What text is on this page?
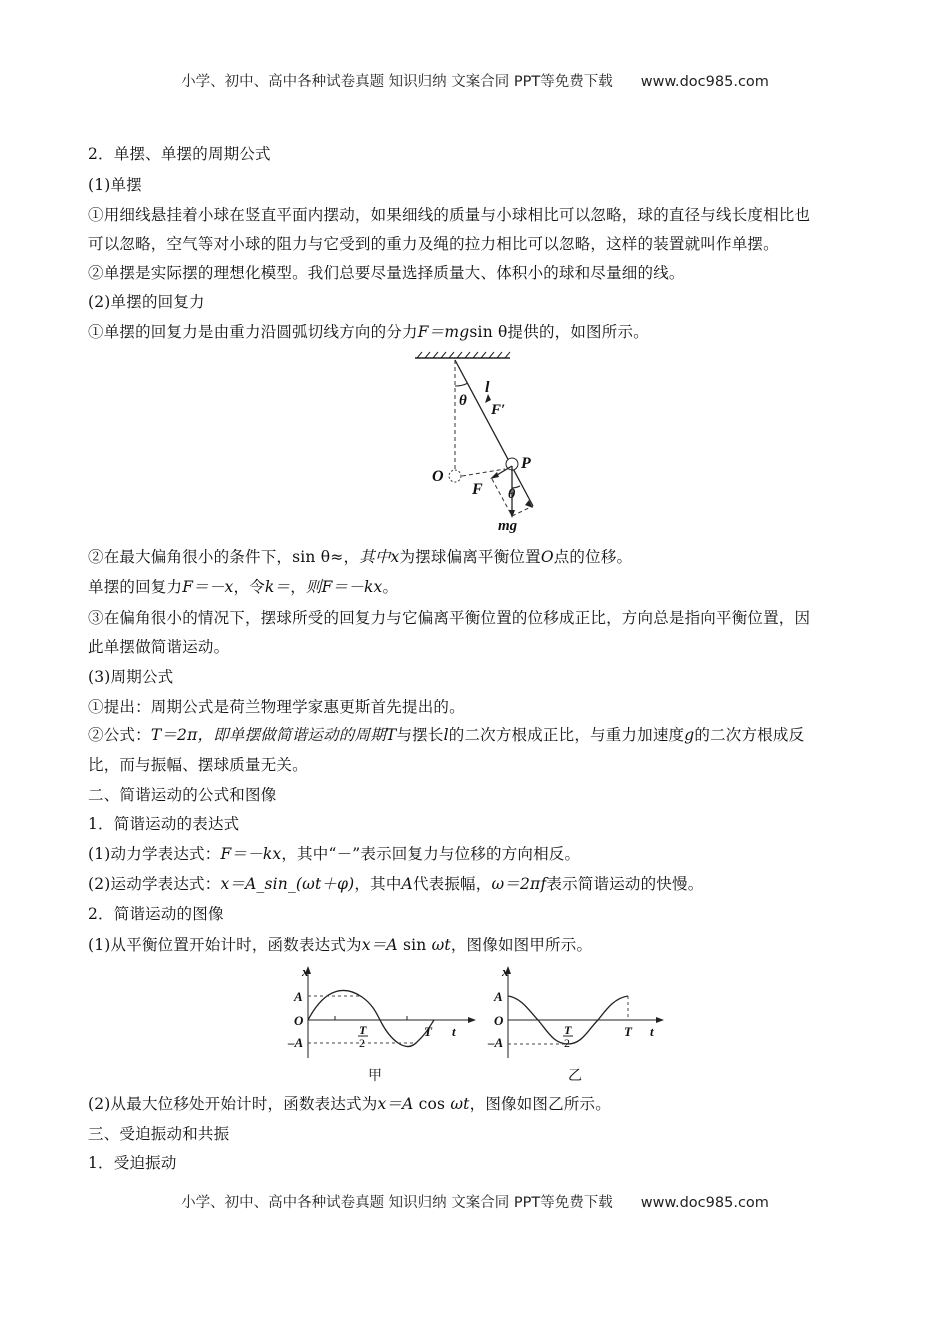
小学、初中、高中各种试卷真题 知识归纳 文案合同 PPT等免费下载 www.doc985.com
2．单摆、单摆的周期公式
(1)单摆
①用细线悬挂着小球在竖直平面内摆动，如果细线的质量与小球相比可以忽略，球的直径与线长度相比也
可以忽略，空气等对小球的阻力与它受到的重力及绳的拉力相比可以忽略，这样的装置就叫作单摆。
②单摆是实际摆的理想化模型。我们总要尽量选择质量大、体积小的球和尽量细的线。
(2)单摆的回复力
①单摆的回复力是由重力沿圆弧切线方向的分力F＝mgsin θ提供的，如图所示。
θ
l
F′
O
P
F θ
mg
②在最大偏角很小的条件下，sin θ≈，其中x为摆球偏离平衡位置O点的位移。
单摆的回复力F＝－x，令k＝，则F＝－kx。
③在偏角很小的情况下，摆球所受的回复力与它偏离平衡位置的位移成正比，方向总是指向平衡位置，因
此单摆做简谐运动。
(3)周期公式
①提出：周期公式是荷兰物理学家惠更斯首先提出的。
②公式：T＝2π，即单摆做简谐运动的周期T与摆长l的二次方根成正比，与重力加速度g的二次方根成反
比，而与振幅、摆球质量无关。
二、简谐运动的公式和图像
1．简谐运动的表达式
(1)动力学表达式：F＝－kx，其中“－”表示回复力与位移的方向相反。
(2)运动学表达式：x＝A_sin_(ωt＋φ)，其中A代表振幅，ω＝2πf表示简谐运动的快慢。
2．简谐运动的图像
(1)从平衡位置开始计时，函数表达式为x＝A sin ωt，图像如图甲所示。
x
A
O
–A
T
2
T t
甲
x
A
O
–A
T
2
T t
乙
(2)从最大位移处开始计时，函数表达式为x＝A cos ωt，图像如图乙所示。
三、受迫振动和共振
1．受迫振动
小学、初中、高中各种试卷真题 知识归纳 文案合同 PPT等免费下载 www.doc985.com
